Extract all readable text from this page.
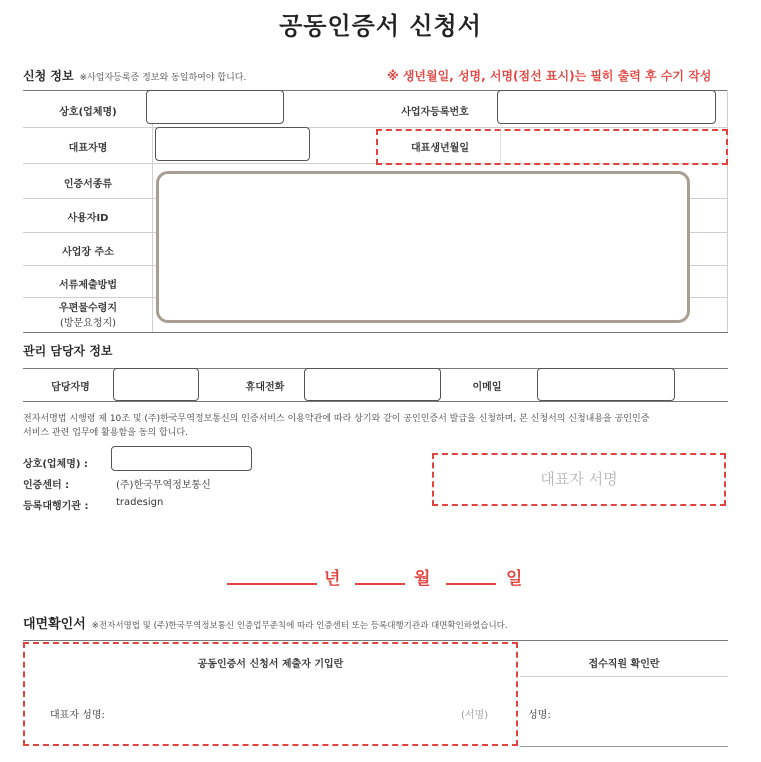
공동인증서 신청서
신청 정보 ※사업자등록증 정보와 동일하여야 합니다.	※ 생년월일, 성명, 서명(점선 표시)는 필히 출력 후 수기 작성
상호(업체명)	사업자등록번호
대표자명	대표생년월일
인증서종류
사용자ID
사업장 주소
서류제출방법
우편물수령지
(방문요청지)
관리 담당자 정보
담당자명	휴대전화	이메일
전자서명법 시행령 제 10조 및 (주)한국무역정보통신의 인증서비스 이용약관에 따라 상기와 같이 공인인증서 발급을 신청하며, 본 신청서의 신청내용을 공인인증
서비스 관련 업무에 활용함을 동의 합니다.
상호(업체명) :
인증센터 :	(주)한국무역정보통신
등록대행기관 :	tradesign
대표자 서명
년	월	일
대면확인서 ※전자서명법 및 (주)한국무역정보통신 인증업무준칙에 따라 인증센터 또는 등록대행기관과 대면확인하였습니다.
공동인증서 신청서 제출자 기입란
대표자 성명:	(서명)
접수직원 확인란
성명:
